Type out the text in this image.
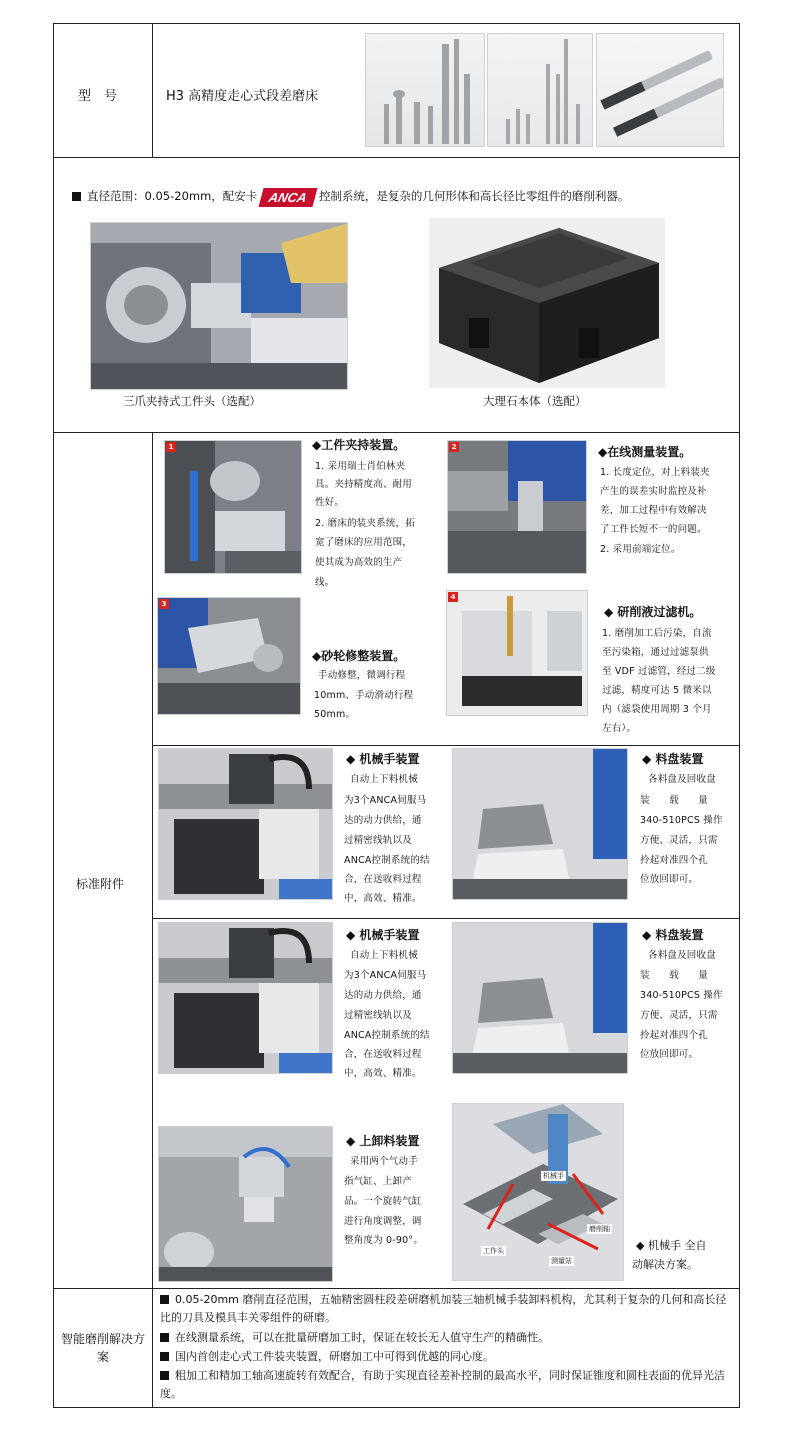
型　号	H3 高精度走心式段差磨床
直径范围：0.05-20mm，配安卡 ANCA 控制系统，是复杂的几何形体和高长径比零组件的磨削利器。
三爪夹持式工件头（选配）	大理石本体（选配）
标准附件
1	◆工件夹持装置。
1. 采用瑞士肖伯林夹
具。夹持精度高、耐用
性好。
2. 磨床的装夹系统，拓
宽了磨床的应用范围，
使其成为高效的生产
线。
2	◆在线测量装置。
1. 长度定位，对上料装夹
产生的误差实时监控及补
差，加工过程中有效解决
了工件长短不一的问题。
2. 采用前端定位。
3
◆砂轮修整装置。
手动修整，微调行程
10mm、手动滑动行程
50mm。
4
◆ 研削液过滤机。
1. 磨削加工后污染，自流
至污染箱，通过过滤泵供
至 VDF 过滤管，经过二级
过滤，精度可达 5 微米以
内（滤袋使用周期 3 个月
左右）。
◆ 机械手装置
自动上下料机械
为3个ANCA伺服马
达的动力供给，通
过精密线轨以及
ANCA控制系统的结
合，在送收料过程
中，高效、精准。
◆ 料盘装置
各料盘及回收盘
装　　载　　量
340-510PCS 操作
方便、灵活，只需
拎起对准四个孔
位放回即可。
◆ 机械手装置
自动上下料机械
为3个ANCA伺服马
达的动力供给，通
过精密线轨以及
ANCA控制系统的结
合，在送收料过程
中，高效、精准。
◆ 料盘装置
各料盘及回收盘
装　　载　　量
340-510PCS 操作
方便、灵活，只需
拎起对准四个孔
位放回即可。
◆ 上卸料装置
采用两个气动手
指气缸、上卸产
品。一个旋转气缸
进行角度调整，调
整角度为 0-90°。
机械手
工作头
磨削轴
测量站
◆ 机械手 全自
动解决方案。
智能磨削解决方案
0.05-20mm 磨削直径范围，五轴精密圆柱段差研磨机加装三轴机械手装卸料机构，尤其利于复杂的几何和高长径比的刀具及模具丰关零组件的研磨。
在线测量系统，可以在批量研磨加工时，保证在较长无人值守生产的精确性。
国内首创走心式工件装夹装置，研磨加工中可得到优越的同心度。
粗加工和精加工轴高速旋转有效配合，有助于实现直径差补控制的最高水平，同时保证锥度和圆柱表面的优异光洁度。
